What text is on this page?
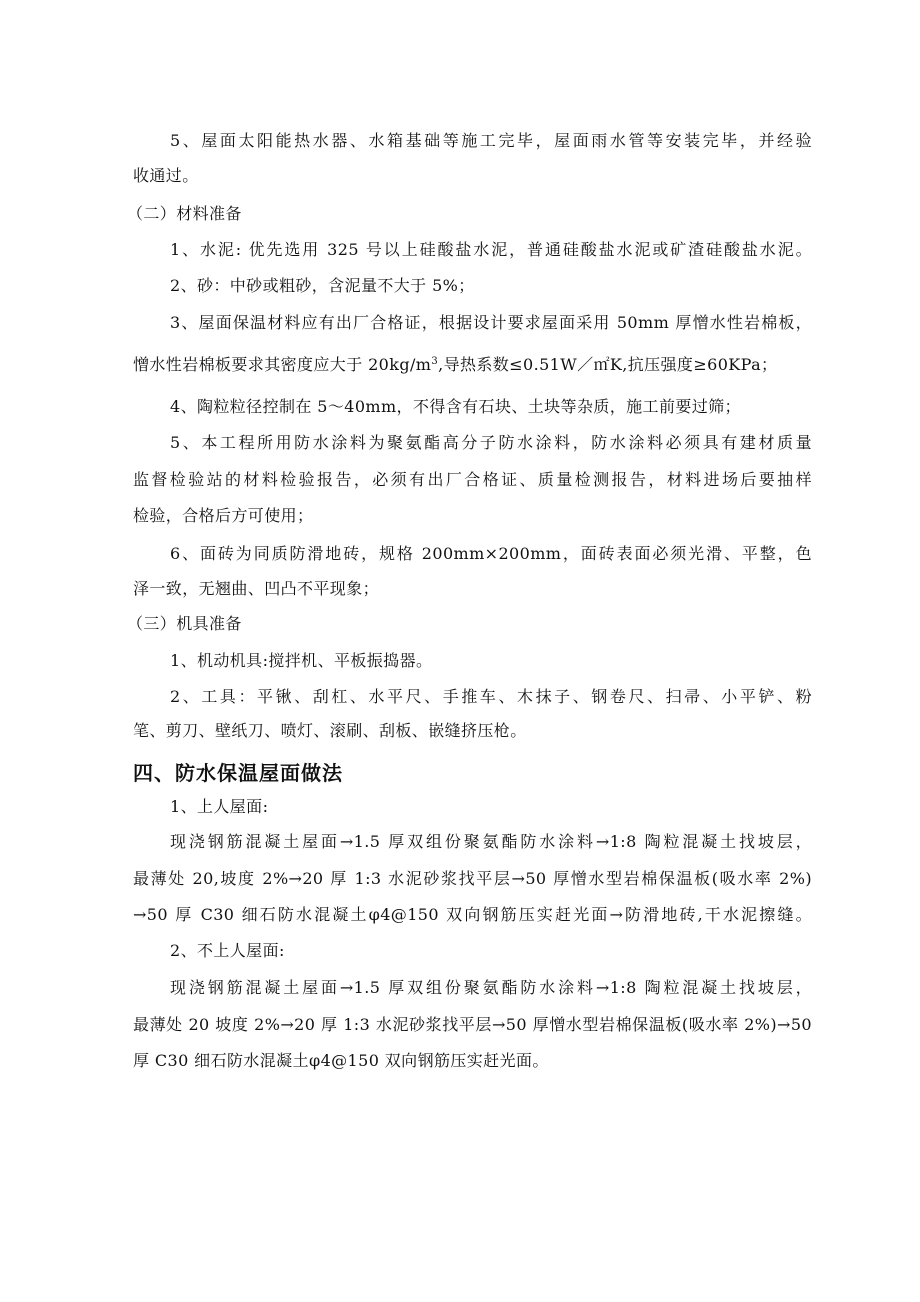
5、屋面太阳能热水器、水箱基础等施工完毕，屋面雨水管等安装完毕，并经验
收通过。
（二）材料准备
1、水泥: 优先选用 325 号以上硅酸盐水泥，普通硅酸盐水泥或矿渣硅酸盐水泥。
2、砂：中砂或粗砂，含泥量不大于 5%；
3、屋面保温材料应有出厂合格证，根据设计要求屋面采用 50mm 厚憎水性岩棉板，
憎水性岩棉板要求其密度应大于 $20kg/m^3$,导热系数≤0.51W／㎡K,抗压强度≥60KPa；
4、陶粒粒径控制在 5～40mm，不得含有石块、土块等杂质，施工前要过筛；
5、本工程所用防水涂料为聚氨酯高分子防水涂料，防水涂料必须具有建材质量
监督检验站的材料检验报告，必须有出厂合格证、质量检测报告，材料进场后要抽样
检验，合格后方可使用；
6、面砖为同质防滑地砖，规格 200mm×200mm，面砖表面必须光滑、平整，色
泽一致，无翘曲、凹凸不平现象；
（三）机具准备
1、机动机具:搅拌机、平板振捣器。
2、工具：平锹、刮杠、水平尺、手推车、木抹子、钢卷尺、扫帚、小平铲、粉
笔、剪刀、壁纸刀、喷灯、滚刷、刮板、嵌缝挤压枪。
四、防水保温屋面做法
1、上人屋面:
现浇钢筋混凝土屋面→1.5 厚双组份聚氨酯防水涂料→1:8 陶粒混凝土找坡层，
最薄处 20,坡度 2%→20 厚 1:3 水泥砂浆找平层→50 厚憎水型岩棉保温板(吸水率 2%)
→50 厚 C30 细石防水混凝土φ4@150 双向钢筋压实赶光面→防滑地砖,干水泥擦缝。
2、不上人屋面:
现浇钢筋混凝土屋面→1.5 厚双组份聚氨酯防水涂料→1:8 陶粒混凝土找坡层，
最薄处 20 坡度 2%→20 厚 1:3 水泥砂浆找平层→50 厚憎水型岩棉保温板(吸水率 2%)→50
厚 C30 细石防水混凝土φ4@150 双向钢筋压实赶光面。
